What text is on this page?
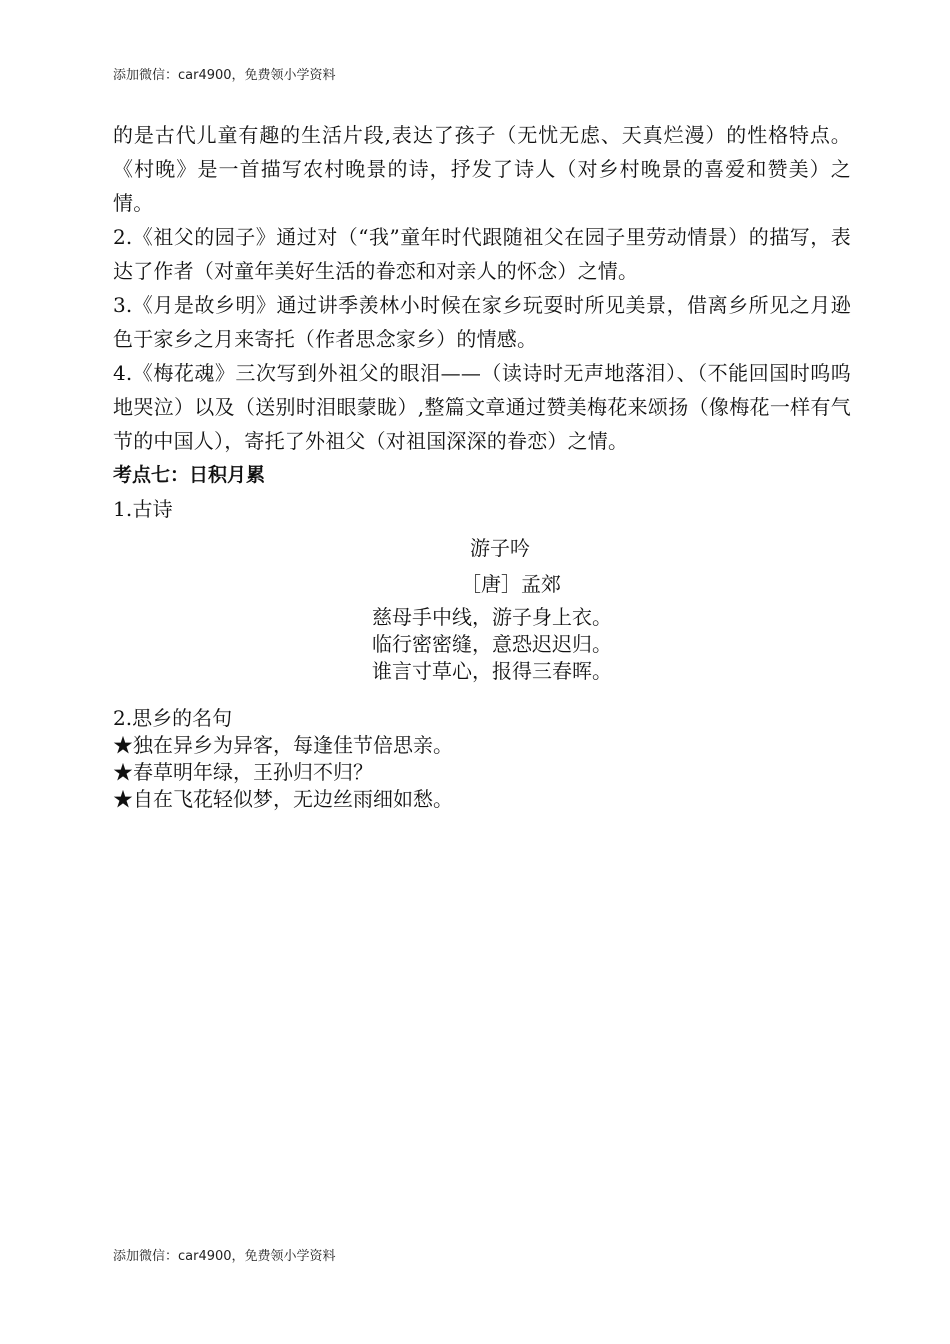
添加微信：car4900，免费领小学资料

的是古代儿童有趣的生活片段,表达了孩子（无忧无虑、天真烂漫）的性格特点。《村晚》是一首描写农村晚景的诗，抒发了诗人（对乡村晚景的喜爱和赞美）之情。

2.《祖父的园子》通过对（“我”童年时代跟随祖父在园子里劳动情景）的描写，表达了作者（对童年美好生活的眷恋和对亲人的怀念）之情。

3.《月是故乡明》通过讲季羡林小时候在家乡玩耍时所见美景，借离乡所见之月逊色于家乡之月来寄托（作者思念家乡）的情感。

4.《梅花魂》三次写到外祖父的眼泪——（读诗时无声地落泪）、（不能回国时呜呜地哭泣）以及（送别时泪眼蒙眬）,整篇文章通过赞美梅花来颂扬（像梅花一样有气节的中国人），寄托了外祖父（对祖国深深的眷恋）之情。

考点七：日积月累

1.古诗

游子吟
［唐］孟郊
慈母手中线，游子身上衣。
临行密密缝，意恐迟迟归。
谁言寸草心，报得三春晖。
2.思乡的名句
★独在异乡为异客，每逢佳节倍思亲。
★春草明年绿，王孙归不归？
★自在飞花轻似梦，无边丝雨细如愁。
添加微信：car4900，免费领小学资料
